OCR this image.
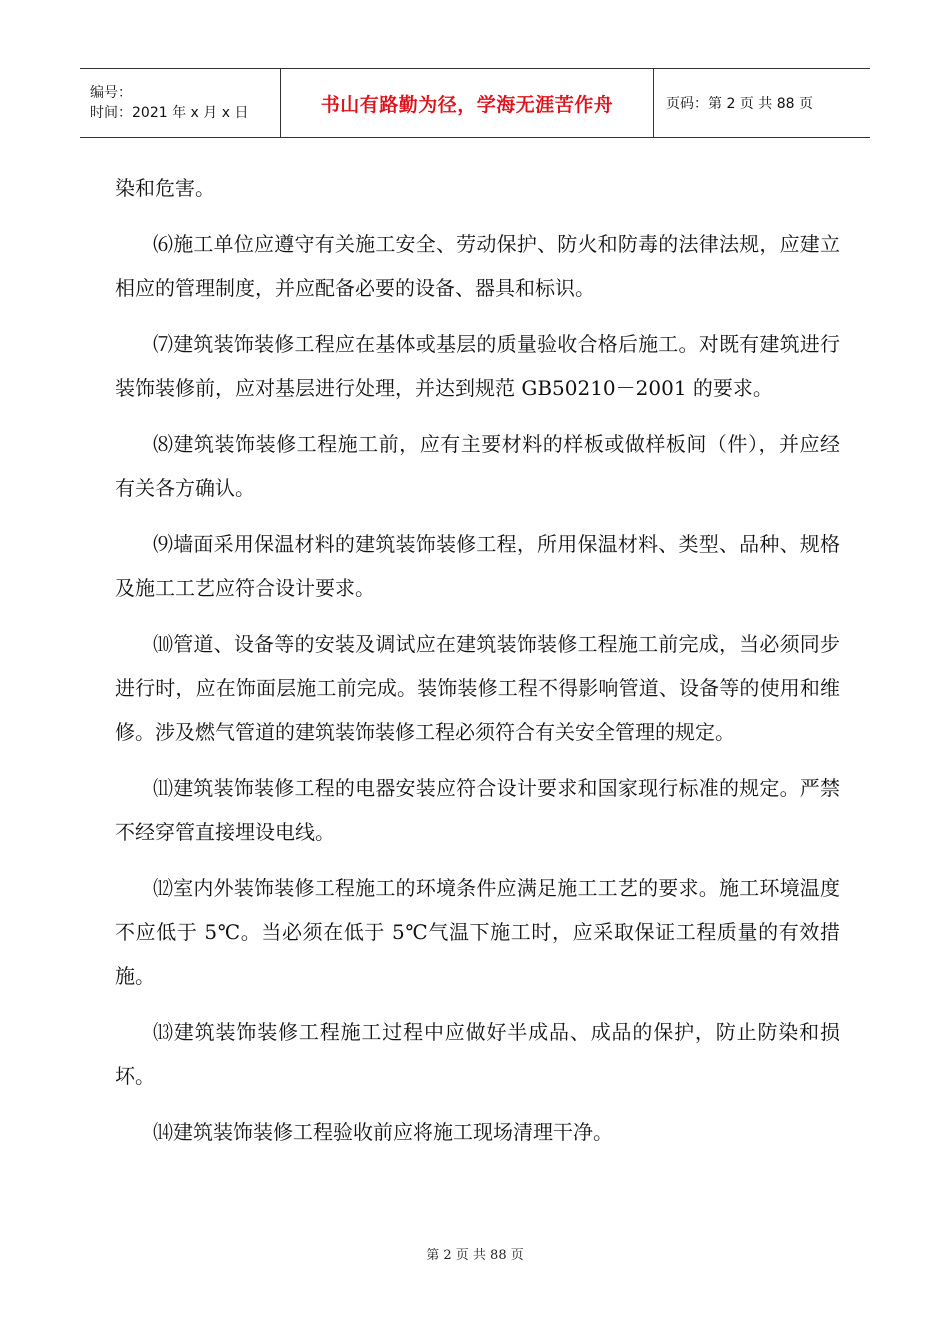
编号：
时间：2021 年 x 月 x 日	书山有路勤为径，学海无涯苦作舟	页码：第 2 页 共 88 页

染和危害。

⑹施工单位应遵守有关施工安全、劳动保护、防火和防毒的法律法规，应建立相应的管理制度，并应配备必要的设备、器具和标识。

⑺建筑装饰装修工程应在基体或基层的质量验收合格后施工。对既有建筑进行装饰装修前，应对基层进行处理，并达到规范 GB50210－2001 的要求。

⑻建筑装饰装修工程施工前，应有主要材料的样板或做样板间（件），并应经有关各方确认。

⑼墙面采用保温材料的建筑装饰装修工程，所用保温材料、类型、品种、规格及施工工艺应符合设计要求。

⑽管道、设备等的安装及调试应在建筑装饰装修工程施工前完成，当必须同步进行时，应在饰面层施工前完成。装饰装修工程不得影响管道、设备等的使用和维修。涉及燃气管道的建筑装饰装修工程必须符合有关安全管理的规定。

⑾建筑装饰装修工程的电器安装应符合设计要求和国家现行标准的规定。严禁不经穿管直接埋设电线。

⑿室内外装饰装修工程施工的环境条件应满足施工工艺的要求。施工环境温度不应低于 5℃。当必须在低于 5℃气温下施工时，应采取保证工程质量的有效措施。

⒀建筑装饰装修工程施工过程中应做好半成品、成品的保护，防止防染和损坏。

⒁建筑装饰装修工程验收前应将施工现场清理干净。

第 2 页 共 88 页
